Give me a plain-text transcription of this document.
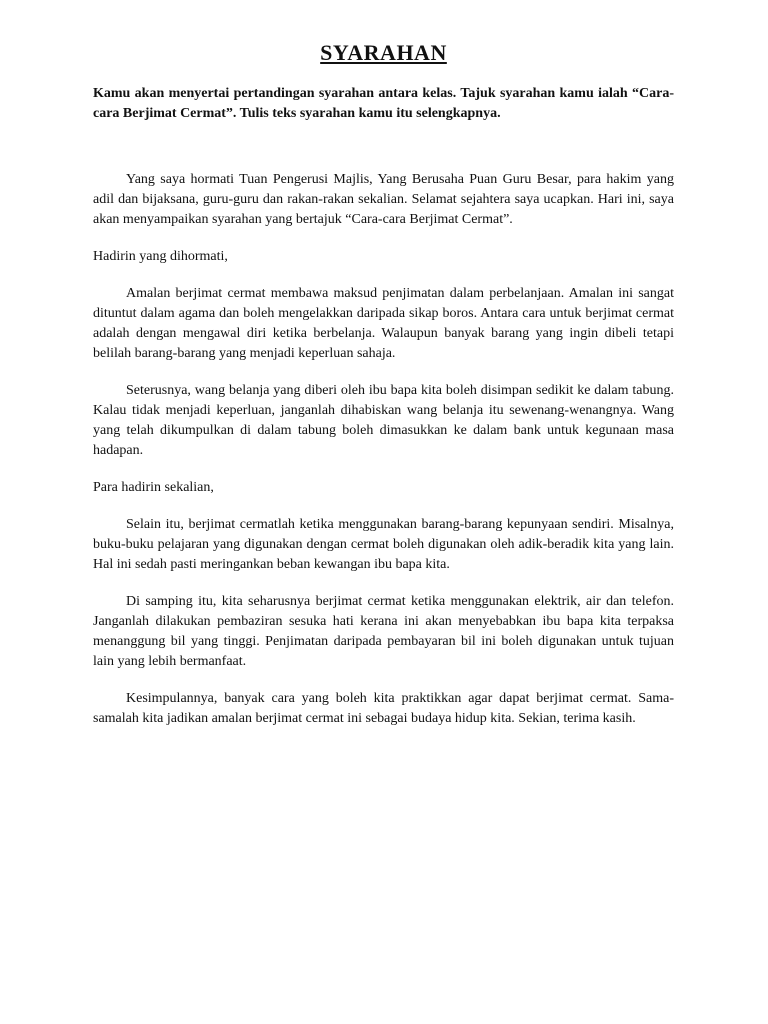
SYARAHAN

Kamu akan menyertai pertandingan syarahan antara kelas. Tajuk syarahan kamu ialah “Cara-cara Berjimat Cermat”. Tulis teks syarahan kamu itu selengkapnya.

Yang saya hormati Tuan Pengerusi Majlis, Yang Berusaha Puan Guru Besar, para hakim yang adil dan bijaksana, guru-guru dan rakan-rakan sekalian. Selamat sejahtera saya ucapkan. Hari ini, saya akan menyampaikan syarahan yang bertajuk “Cara-cara Berjimat Cermat”.

Hadirin yang dihormati,

Amalan berjimat cermat membawa maksud penjimatan dalam perbelanjaan. Amalan ini sangat dituntut dalam agama dan boleh mengelakkan daripada sikap boros. Antara cara untuk berjimat cermat adalah dengan mengawal diri ketika berbelanja. Walaupun banyak barang yang ingin dibeli tetapi belilah barang-barang yang menjadi keperluan sahaja.

Seterusnya, wang belanja yang diberi oleh ibu bapa kita boleh disimpan sedikit ke dalam tabung. Kalau tidak menjadi keperluan, janganlah dihabiskan wang belanja itu sewenang-wenangnya. Wang yang telah dikumpulkan di dalam tabung boleh dimasukkan ke dalam bank untuk kegunaan masa hadapan.

Para hadirin sekalian,

Selain itu, berjimat cermatlah ketika menggunakan barang-barang kepunyaan sendiri. Misalnya, buku-buku pelajaran yang digunakan dengan cermat boleh digunakan oleh adik-beradik kita yang lain. Hal ini sedah pasti meringankan beban kewangan ibu bapa kita.

Di samping itu, kita seharusnya berjimat cermat ketika menggunakan elektrik, air dan telefon. Janganlah dilakukan pembaziran sesuka hati kerana ini akan menyebabkan ibu bapa kita terpaksa menanggung bil yang tinggi. Penjimatan daripada pembayaran bil ini boleh digunakan untuk tujuan lain yang lebih bermanfaat.

Kesimpulannya, banyak cara yang boleh kita praktikkan agar dapat berjimat cermat. Sama-samalah kita jadikan amalan berjimat cermat ini sebagai budaya hidup kita. Sekian, terima kasih.
